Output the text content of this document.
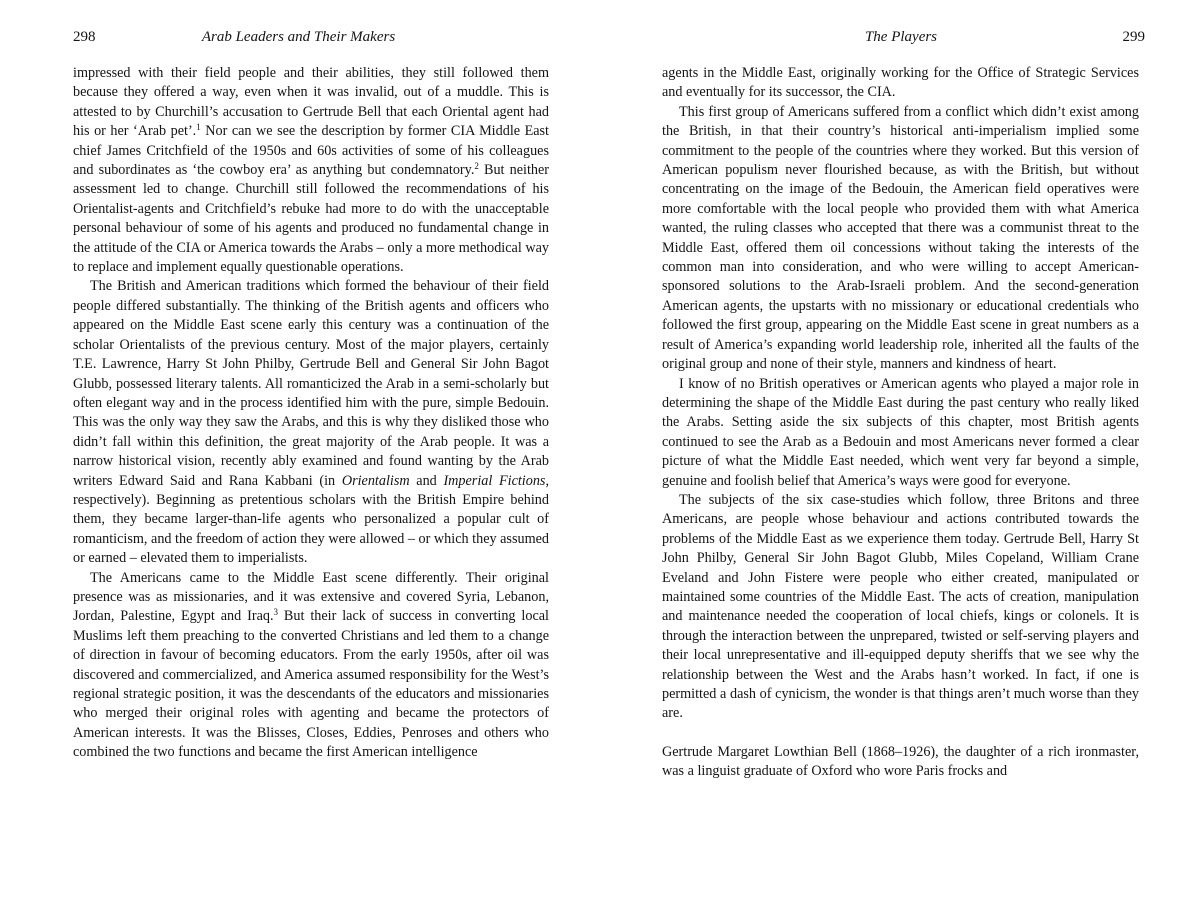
298	Arab Leaders and Their Makers

impressed with their field people and their abilities, they still followed them because they offered a way, even when it was invalid, out of a muddle. This is attested to by Churchill’s accusation to Gertrude Bell that each Oriental agent had his or her ‘Arab pet’.$^1$ Nor can we see the description by former CIA Middle East chief James Critchfield of the 1950s and 60s activities of some of his colleagues and subordinates as ‘the cowboy era’ as anything but condemnatory.$^2$ But neither assessment led to change. Churchill still followed the recommendations of his Orientalist-agents and Critchfield’s rebuke had more to do with the unacceptable personal behaviour of some of his agents and produced no fundamental change in the attitude of the CIA or America towards the Arabs – only a more methodical way to replace and implement equally questionable operations.

The British and American traditions which formed the behaviour of their field people differed substantially. The thinking of the British agents and officers who appeared on the Middle East scene early this century was a continuation of the scholar Orientalists of the previous century. Most of the major players, certainly T.E. Lawrence, Harry St John Philby, Gertrude Bell and General Sir John Bagot Glubb, possessed literary talents. All romanticized the Arab in a semi-scholarly but often elegant way and in the process identified him with the pure, simple Bedouin. This was the only way they saw the Arabs, and this is why they disliked those who didn’t fall within this definition, the great majority of the Arab people. It was a narrow historical vision, recently ably examined and found wanting by the Arab writers Edward Said and Rana Kabbani (in Orientalism and Imperial Fictions, respectively). Beginning as pretentious scholars with the British Empire behind them, they became larger-than-life agents who personalized a popular cult of romanticism, and the freedom of action they were allowed – or which they assumed or earned – elevated them to imperialists.

The Americans came to the Middle East scene differently. Their original presence was as missionaries, and it was extensive and covered Syria, Lebanon, Jordan, Palestine, Egypt and Iraq.$^3$ But their lack of success in converting local Muslims left them preaching to the converted Christians and led them to a change of direction in favour of becoming educators. From the early 1950s, after oil was discovered and commercialized, and America assumed responsibility for the West’s regional strategic position, it was the descendants of the educators and missionaries who merged their original roles with agenting and became the protectors of American interests. It was the Blisses, Closes, Eddies, Penroses and others who combined the two functions and became the first American intelligence

The Players	299

agents in the Middle East, originally working for the Office of Strategic Services and eventually for its successor, the CIA.

This first group of Americans suffered from a conflict which didn’t exist among the British, in that their country’s historical anti-imperialism implied some commitment to the people of the countries where they worked. But this version of American populism never flourished because, as with the British, but without concentrating on the image of the Bedouin, the American field operatives were more comfortable with the local people who provided them with what America wanted, the ruling classes who accepted that there was a communist threat to the Middle East, offered them oil concessions without taking the interests of the common man into consideration, and who were willing to accept American-sponsored solutions to the Arab-Israeli problem. And the second-generation American agents, the upstarts with no missionary or educational credentials who followed the first group, appearing on the Middle East scene in great numbers as a result of America’s expanding world leadership role, inherited all the faults of the original group and none of their style, manners and kindness of heart.

I know of no British operatives or American agents who played a major role in determining the shape of the Middle East during the past century who really liked the Arabs. Setting aside the six subjects of this chapter, most British agents continued to see the Arab as a Bedouin and most Americans never formed a clear picture of what the Middle East needed, which went very far beyond a simple, genuine and foolish belief that America’s ways were good for everyone.

The subjects of the six case-studies which follow, three Britons and three Americans, are people whose behaviour and actions contributed towards the problems of the Middle East as we experience them today. Gertrude Bell, Harry St John Philby, General Sir John Bagot Glubb, Miles Copeland, William Crane Eveland and John Fistere were people who either created, manipulated or maintained some countries of the Middle East. The acts of creation, manipulation and maintenance needed the cooperation of local chiefs, kings or colonels. It is through the interaction between the unprepared, twisted or self-serving players and their local unrepresentative and ill-equipped deputy sheriffs that we see why the relationship between the West and the Arabs hasn’t worked. In fact, if one is permitted a dash of cynicism, the wonder is that things aren’t much worse than they are.

Gertrude Margaret Lowthian Bell (1868–1926), the daughter of a rich ironmaster, was a linguist graduate of Oxford who wore Paris frocks and
